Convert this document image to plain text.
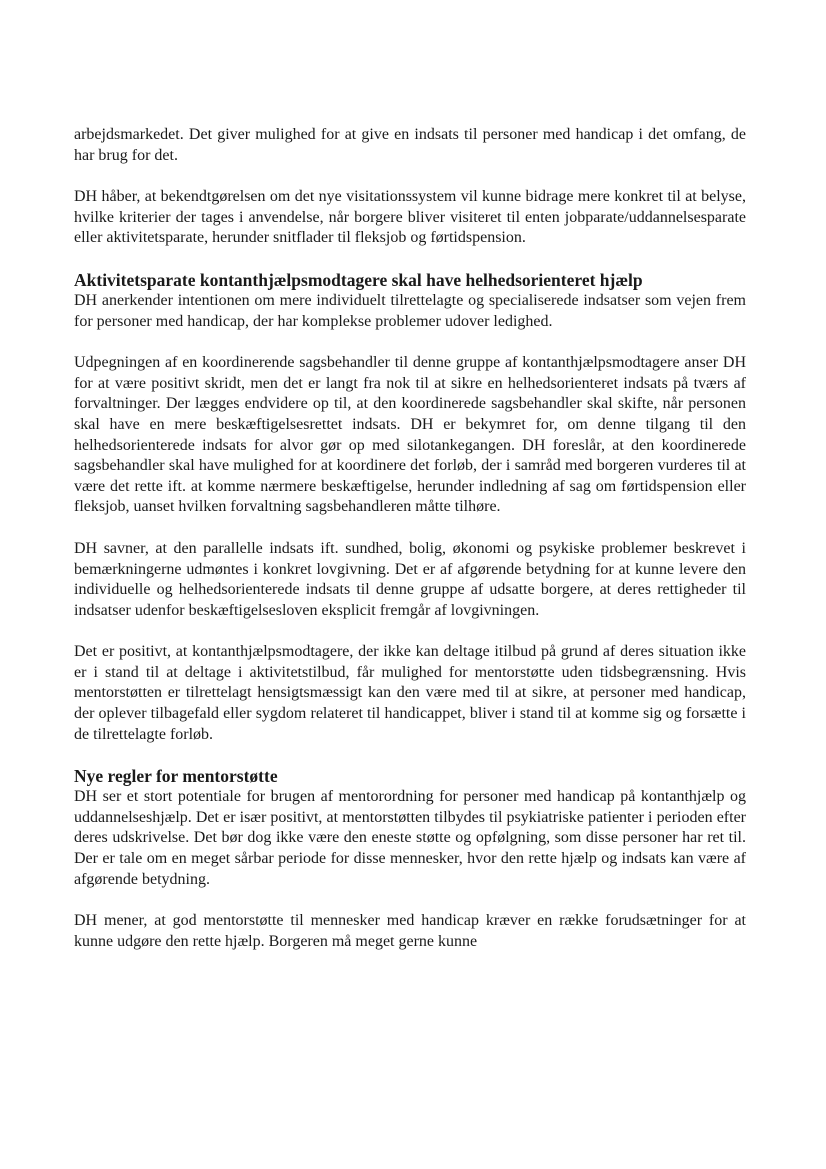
arbejdsmarkedet. Det giver mulighed for at give en indsats til personer med handicap i det omfang, de har brug for det.

DH håber, at bekendtgørelsen om det nye visitationssystem vil kunne bidrage mere konkret til at belyse, hvilke kriterier der tages i anvendelse, når borgere bliver visiteret til enten jobparate/uddannelsesparate eller aktivitetsparate, herunder snitflader til fleksjob og førtidspension.

Aktivitetsparate kontanthjælpsmodtagere skal have helhedsorienteret hjælp

DH anerkender intentionen om mere individuelt tilrettelagte og specialiserede indsatser som vejen frem for personer med handicap, der har komplekse problemer udover ledighed.

Udpegningen af en koordinerende sagsbehandler til denne gruppe af kontanthjælpsmodtagere anser DH for at være positivt skridt, men det er langt fra nok til at sikre en helhedsorienteret indsats på tværs af forvaltninger. Der lægges endvidere op til, at den koordinerede sagsbehandler skal skifte, når personen skal have en mere beskæftigelsesrettet indsats. DH er bekymret for, om denne tilgang til den helhedsorienterede indsats for alvor gør op med silotankegangen. DH foreslår, at den koordinerede sagsbehandler skal have mulighed for at koordinere det forløb, der i samråd med borgeren vurderes til at være det rette ift. at komme nærmere beskæftigelse, herunder indledning af sag om førtidspension eller fleksjob, uanset hvilken forvaltning sagsbehandleren måtte tilhøre.

DH savner, at den parallelle indsats ift. sundhed, bolig, økonomi og psykiske problemer beskrevet i bemærkningerne udmøntes i konkret lovgivning. Det er af afgørende betydning for at kunne levere den individuelle og helhedsorienterede indsats til denne gruppe af udsatte borgere, at deres rettigheder til indsatser udenfor beskæftigelsesloven eksplicit fremgår af lovgivningen.

Det er positivt, at kontanthjælpsmodtagere, der ikke kan deltage itilbud på grund af deres situation ikke er i stand til at deltage i aktivitetstilbud, får mulighed for mentorstøtte uden tidsbegrænsning. Hvis mentorstøtten er tilrettelagt hensigtsmæssigt kan den være med til at sikre, at personer med handicap, der oplever tilbagefald eller sygdom relateret til handicappet, bliver i stand til at komme sig og forsætte i de tilrettelagte forløb.

Nye regler for mentorstøtte

DH ser et stort potentiale for brugen af mentorordning for personer med handicap på kontanthjælp og uddannelseshjælp. Det er især positivt, at mentorstøtten tilbydes til psykiatriske patienter i perioden efter deres udskrivelse. Det bør dog ikke være den eneste støtte og opfølgning, som disse personer har ret til. Der er tale om en meget sårbar periode for disse mennesker, hvor den rette hjælp og indsats kan være af afgørende betydning.

DH mener, at god mentorstøtte til mennesker med handicap kræver en række forudsætninger for at kunne udgøre den rette hjælp. Borgeren må meget gerne kunne
